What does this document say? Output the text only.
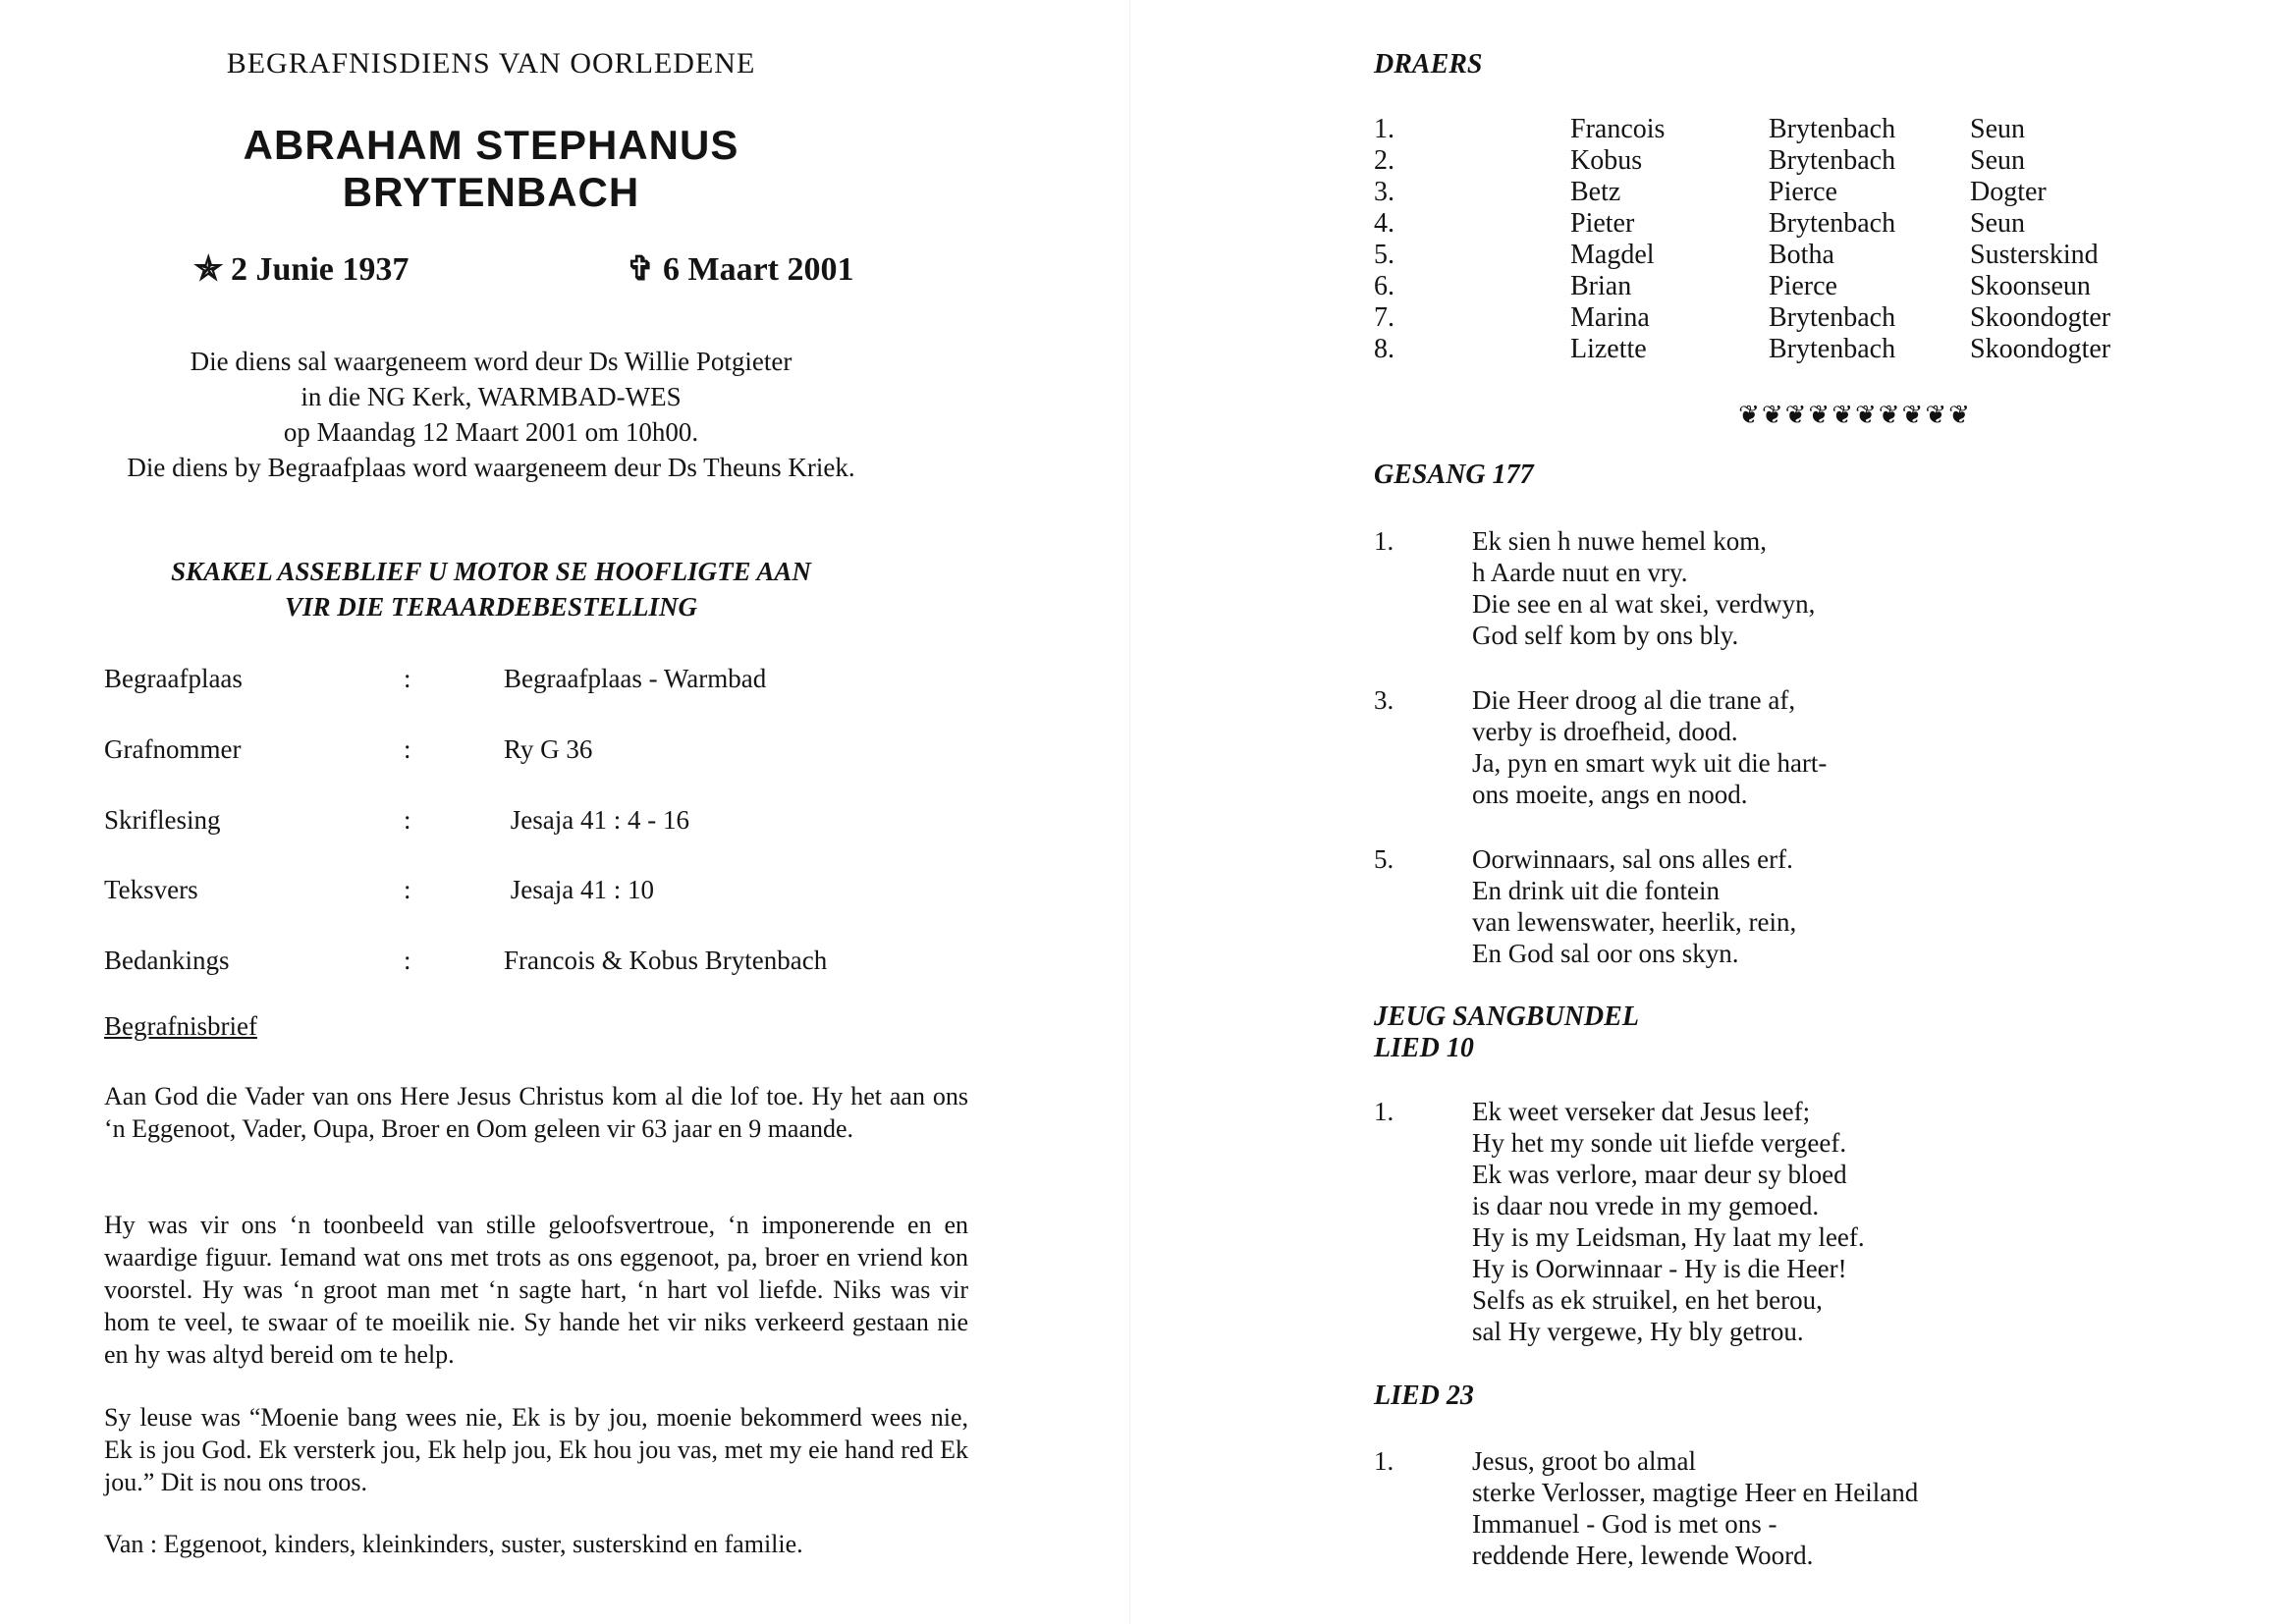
BEGRAFNISDIENS VAN OORLEDENE
ABRAHAM STEPHANUS
BRYTENBACH
✯ 2 Junie 1937	✞ 6 Maart 2001
Die diens sal waargeneem word deur Ds Willie Potgieter
in die NG Kerk, WARMBAD-WES
op Maandag 12 Maart 2001 om 10h00.
Die diens by Begraafplaas word waargeneem deur Ds Theuns Kriek.
SKAKEL ASSEBLIEF U MOTOR SE HOOFLIGTE AAN
VIR DIE TERAARDEBESTELLING
Begraafplaas	:	Begraafplaas - Warmbad
Grafnommer	:	Ry G 36
Skriflesing	:	Jesaja 41 : 4 - 16
Teksvers	:	Jesaja 41 : 10
Bedankings	:	Francois & Kobus Brytenbach
Begrafnisbrief
Aan God die Vader van ons Here Jesus Christus kom al die lof toe. Hy het aan ons ‘n Eggenoot, Vader, Oupa, Broer en Oom geleen vir 63 jaar en 9 maande.
Hy was vir ons ‘n toonbeeld van stille geloofsvertroue, ‘n imponerende en en waardige figuur. Iemand wat ons met trots as ons eggenoot, pa, broer en vriend kon voorstel. Hy was ‘n groot man met ‘n sagte hart, ‘n hart vol liefde. Niks was vir hom te veel, te swaar of te moeilik nie. Sy hande het vir niks verkeerd gestaan nie en hy was altyd bereid om te help.
Sy leuse was “Moenie bang wees nie, Ek is by jou, moenie bekommerd wees nie, Ek is jou God. Ek versterk jou, Ek help jou, Ek hou jou vas, met my eie hand red Ek jou.” Dit is nou ons troos.
Van : Eggenoot, kinders, kleinkinders, suster, susterskind en familie.
DRAERS
1.	Francois	Brytenbach	Seun
2.	Kobus	Brytenbach	Seun
3.	Betz	Pierce	Dogter
4.	Pieter	Brytenbach	Seun
5.	Magdel	Botha	Susterskind
6.	Brian	Pierce	Skoonseun
7.	Marina	Brytenbach	Skoondogter
8.	Lizette	Brytenbach	Skoondogter
❦❦❦❦❦❦❦❦❦❦
GESANG 177
1.	Ek sien h nuwe hemel kom,
h Aarde nuut en vry.
Die see en al wat skei, verdwyn,
God self kom by ons bly.
3.	Die Heer droog al die trane af,
verby is droefheid, dood.
Ja, pyn en smart wyk uit die hart-
ons moeite, angs en nood.
5.	Oorwinnaars, sal ons alles erf.
En drink uit die fontein
van lewenswater, heerlik, rein,
En God sal oor ons skyn.
JEUG SANGBUNDEL
LIED 10
1.	Ek weet verseker dat Jesus leef;
Hy het my sonde uit liefde vergeef.
Ek was verlore, maar deur sy bloed
is daar nou vrede in my gemoed.
Hy is my Leidsman, Hy laat my leef.
Hy is Oorwinnaar - Hy is die Heer!
Selfs as ek struikel, en het berou,
sal Hy vergewe, Hy bly getrou.
LIED 23
1.	Jesus, groot bo almal
sterke Verlosser, magtige Heer en Heiland
Immanuel - God is met ons -
reddende Here, lewende Woord.
